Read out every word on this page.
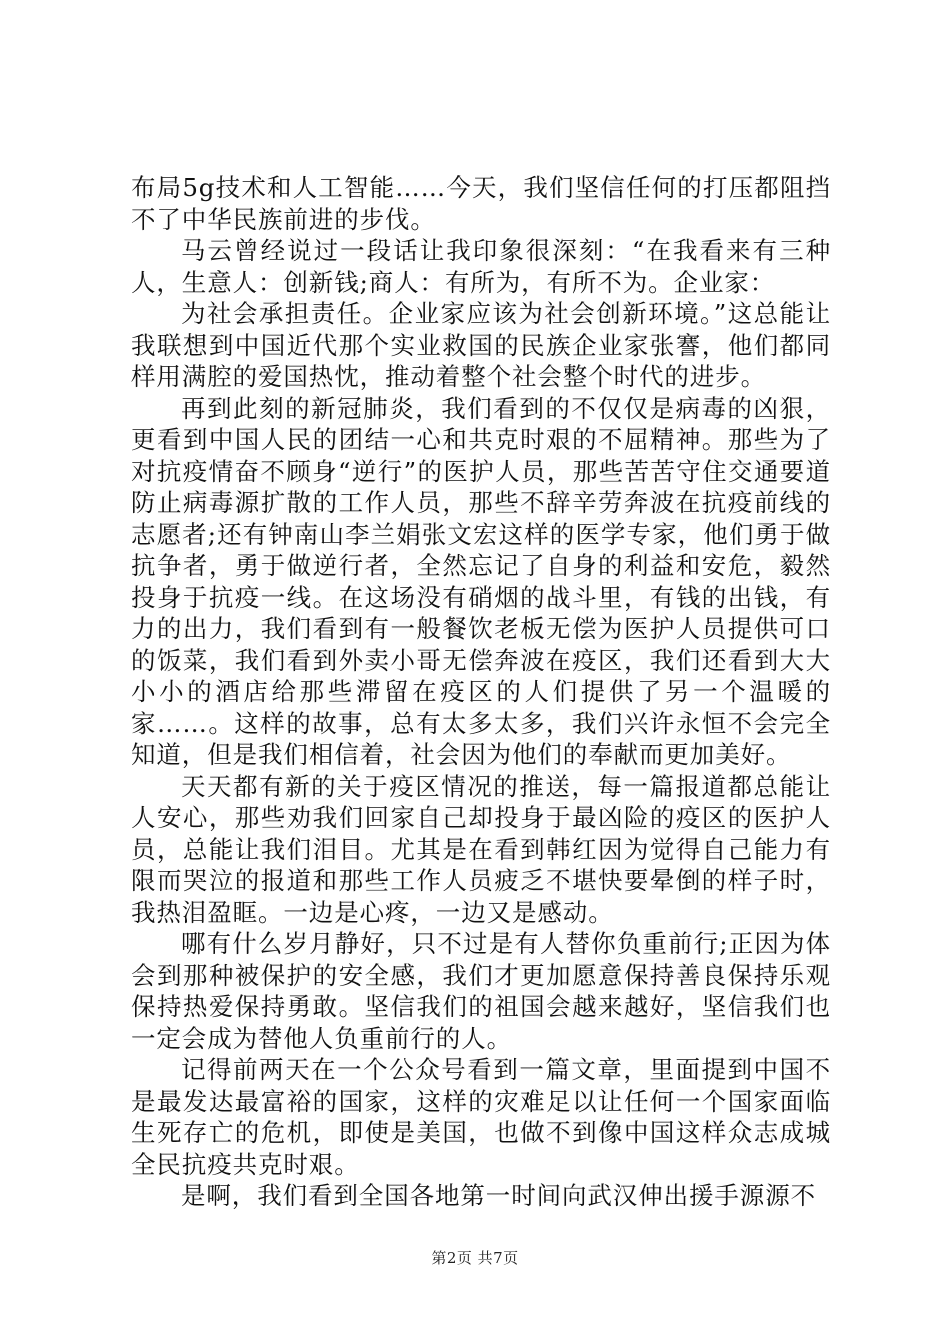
布局5g技术和人工智能……今天，我们坚信任何的打压都阻挡不了中华民族前进的步伐。

马云曾经说过一段话让我印象很深刻：“在我看来有三种人，生意人：创新钱;商人：有所为，有所不为。企业家：

为社会承担责任。企业家应该为社会创新环境。”这总能让我联想到中国近代那个实业救国的民族企业家张謇，他们都同样用满腔的爱国热忱，推动着整个社会整个时代的进步。

再到此刻的新冠肺炎，我们看到的不仅仅是病毒的凶狠，更看到中国人民的团结一心和共克时艰的不屈精神。那些为了对抗疫情奋不顾身“逆行”的医护人员，那些苦苦守住交通要道防止病毒源扩散的工作人员，那些不辞辛劳奔波在抗疫前线的志愿者;还有钟南山李兰娟张文宏这样的医学专家，他们勇于做抗争者，勇于做逆行者，全然忘记了自身的利益和安危，毅然投身于抗疫一线。在这场没有硝烟的战斗里，有钱的出钱，有力的出力，我们看到有一般餐饮老板无偿为医护人员提供可口的饭菜，我们看到外卖小哥无偿奔波在疫区，我们还看到大大小小的酒店给那些滞留在疫区的人们提供了另一个温暖的家……。这样的故事，总有太多太多，我们兴许永恒不会完全知道，但是我们相信着，社会因为他们的奉献而更加美好。

天天都有新的关于疫区情况的推送，每一篇报道都总能让人安心，那些劝我们回家自己却投身于最凶险的疫区的医护人员，总能让我们泪目。尤其是在看到韩红因为觉得自己能力有限而哭泣的报道和那些工作人员疲乏不堪快要晕倒的样子时，我热泪盈眶。一边是心疼，一边又是感动。

哪有什么岁月静好，只不过是有人替你负重前行;正因为体会到那种被保护的安全感，我们才更加愿意保持善良保持乐观保持热爱保持勇敢。坚信我们的祖国会越来越好，坚信我们也一定会成为替他人负重前行的人。

记得前两天在一个公众号看到一篇文章，里面提到中国不是最发达最富裕的国家，这样的灾难足以让任何一个国家面临生死存亡的危机，即使是美国，也做不到像中国这样众志成城全民抗疫共克时艰。

是啊，我们看到全国各地第一时间向武汉伸出援手源源不

第2页 共7页
